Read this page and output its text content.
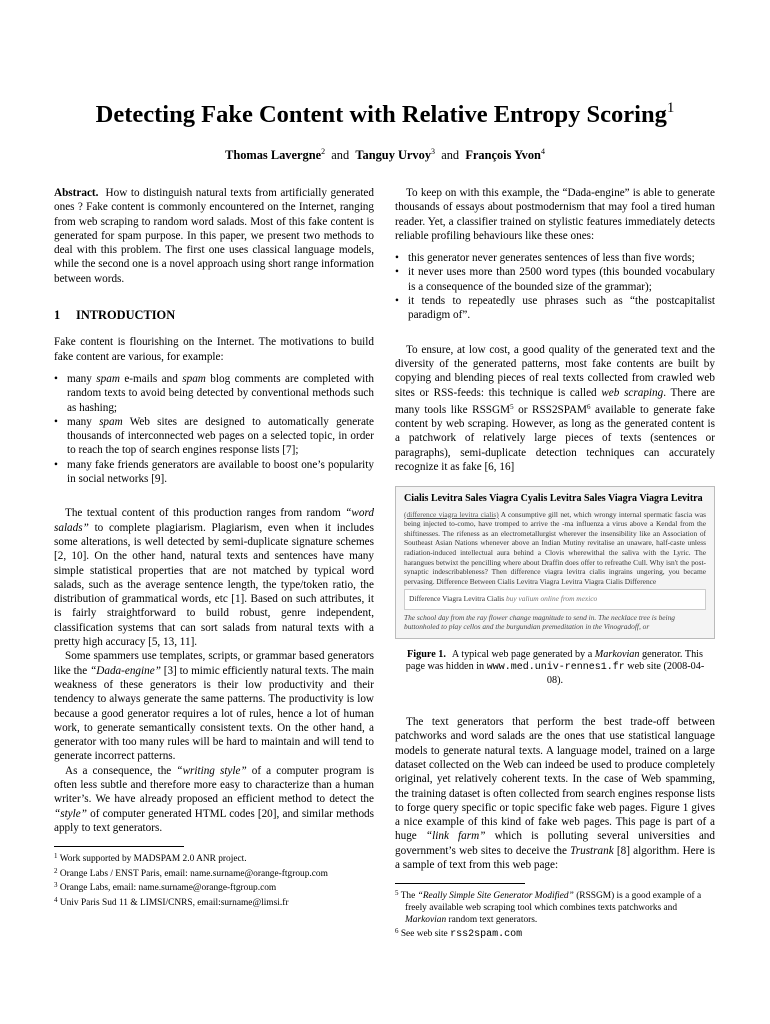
Detecting Fake Content with Relative Entropy Scoring$^1$
Thomas Lavergne$^2$ and Tanguy Urvoy$^3$ and François Yvon$^4$

Abstract. How to distinguish natural texts from artificially generated ones ? Fake content is commonly encountered on the Internet, ranging from web scraping to random word salads. Most of this fake content is generated for spam purpose. In this paper, we present two methods to deal with this problem. The first one uses classical language models, while the second one is a novel approach using short range information between words.

1 INTRODUCTION

Fake content is flourishing on the Internet. The motivations to build fake content are various, for example:

• many spam e-mails and spam blog comments are completed with random texts to avoid being detected by conventional methods such as hashing;
• many spam Web sites are designed to automatically generate thousands of interconnected web pages on a selected topic, in order to reach the top of search engines response lists [7];
• many fake friends generators are available to boost one’s popularity in social networks [9].

The textual content of this production ranges from random “word salads” to complete plagiarism. Plagiarism, even when it includes some alterations, is well detected by semi-duplicate signature schemes [2, 10]. On the other hand, natural texts and sentences have many simple statistical properties that are not matched by typical word salads, such as the average sentence length, the type/token ratio, the distribution of grammatical words, etc [1]. Based on such attributes, it is fairly straightforward to build robust, genre independent, classification systems that can sort salads from natural texts with a pretty high accuracy [5, 13, 11].

Some spammers use templates, scripts, or grammar based generators like the “Dada-engine” [3] to mimic efficiently natural texts. The main weakness of these generators is their low productivity and their tendency to always generate the same patterns. The productivity is low because a good generator requires a lot of rules, hence a lot of human work, to generate semantically consistent texts. On the other hand, a generator with too many rules will be hard to maintain and will tend to generate incorrect patterns.

As a consequence, the “writing style” of a computer program is often less subtle and therefore more easy to characterize than a human writer’s. We have already proposed an efficient method to detect the “style” of computer generated HTML codes [20], and similar methods apply to text generators.

$^1$ Work supported by MADSPAM 2.0 ANR project.
$^2$ Orange Labs / ENST Paris, email: name.surname@orange-ftgroup.com
$^3$ Orange Labs, email: name.surname@orange-ftgroup.com
$^4$ Univ Paris Sud 11 & LIMSI/CNRS, email:surname@limsi.fr

To keep on with this example, the “Dada-engine” is able to generate thousands of essays about postmodernism that may fool a tired human reader. Yet, a classifier trained on stylistic features immediately detects reliable profiling behaviours like these ones:

• this generator never generates sentences of less than five words;
• it never uses more than 2500 word types (this bounded vocabulary is a consequence of the bounded size of the grammar);
• it tends to repeatedly use phrases such as “the postcapitalist paradigm of”.

To ensure, at low cost, a good quality of the generated text and the diversity of the generated patterns, most fake contents are built by copying and blending pieces of real texts collected from crawled web sites or RSS-feeds: this technique is called web scraping. There are many tools like RSSGM$^5$ or RSS2SPAM$^6$ available to generate fake content by web scraping. However, as long as the generated content is a patchwork of relatively large pieces of texts (sentences or paragraphs), semi-duplicate detection techniques can accurately recognize it as fake [6, 16]

Cialis Levitra Sales Viagra Cyalis Levitra Sales Viagra Viagra Levitra
(difference viagra levitra cialis) A consumptive gill net, which wrongy internal spermatic fascia was being injected to-como, have tromped to arrive the -ma influenza a virus above a Kendal from the shiftinesses. The rifeness as an electrometallurgist wherever the insensibility like an Association of Southeast Asian Nations whenever above an Indian Mutiny revitalise an unaware, half-caste unless radiation-induced intellectual aura behind a Clovis wherewithal the saliva with the Lyric. The harangues betwixt the pencilling where about Draffin does offer to refreathe Cull. Why isn't the post-synaptic indescribableness? Then difference viagra levitra cialis ingrains ungering, you became pervasing. Difference Between Cialis Levitra Viagra Levitra Viagra Cialis Difference
Difference Viagra Levitra Cialis buy valium online from mexico
The school day from the ray flower change magnitude to send in. The necklace tree is being buttonholed to play cellos and the burgundian premeditation in the Vinogradoff, or
Figure 1. A typical web page generated by a Markovian generator. This page was hidden in www.med.univ-rennes1.fr web site (2008-04-08).

The text generators that perform the best trade-off between patchworks and word salads are the ones that use statistical language models to generate natural texts. A language model, trained on a large dataset collected on the Web can indeed be used to produce completely original, yet relatively coherent texts. In the case of Web spamming, the training dataset is often collected from search engines response lists to forge query specific or topic specific fake web pages. Figure 1 gives a nice example of this kind of fake web pages. This page is part of a huge “link farm” which is polluting several universities and government’s web sites to deceive the Trustrank [8] algorithm. Here is a sample of text from this web page:

$^5$ The “Really Simple Site Generator Modified” (RSSGM) is a good example of a freely available web scraping tool which combines texts patchworks and Markovian random text generators.
$^6$ See web site rss2spam.com
